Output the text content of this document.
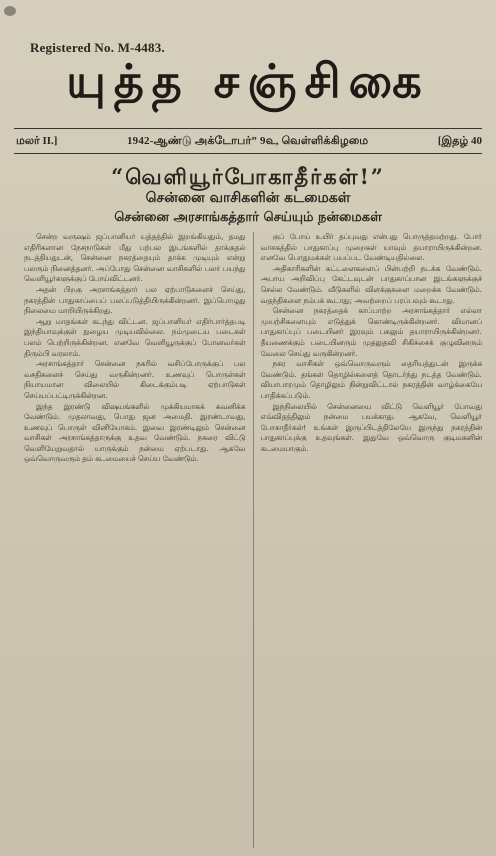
Registered No. M-4483.
யுத்த சஞ்சிகை
மலர் II.]	1942-ஆண்டு அக்டோபர்ˮ 9௳, வெள்ளிக்கிழமை	[இதழ் 40
“வெளியூர்போகாதீர்கள்!”
சென்னை வாசிகளின் கடமைகள்
சென்னை அரசாங்கத்தார் செய்யும் நன்மைகள்

சென்ற வருஷம் ஜப்பானியர் யுத்தத்தில் இறங்கியதும், தமது எதிரிகளான நேசநாடுகள் மீது பற்பல இடங்களில் தாக்குதல் நடத்தியதுடன், சென்னை நகரத்தையும் தாக்க முடியும் என்று பலரும் நினைத்தனர். அப்போது சென்னை வாசிகளில் பலர் பயந்து வெளியூர்களுக்குப் போய்விட்டனர்.

அதன் பிறகு அரசாங்கத்தார் பல ஏற்பாடுகளைச் செய்து, நகரத்தின் பாதுகாப்பைப் பலப்படுத்தியிருக்கின்றனர். இப்பொழுது நிலைமை மாறியிருக்கிறது.

ஆறு மாதங்கள் கடந்து விட்டன. ஜப்பானியர் எதிர்பார்த்தபடி இந்தியாவுக்குள் நுழைய முடியவில்லை. நம்முடைய படைகள் பலம் பெற்றிருக்கின்றன. எனவே வெளியூருக்குப் போனவர்கள் திரும்பி வரலாம்.

அரசாங்கத்தார் சென்னை நகரில் வசிப்போருக்குப் பல வசதிகளைச் செய்து வருகின்றனர். உணவுப் பொருள்கள் நியாயமான விலையில் கிடைக்கும்படி ஏற்பாடுகள் செய்யப்பட்டிருக்கின்றன.

இந்த இரண்டு விஷயங்களில் முக்கியமாகக் கவனிக்க வேண்டும். முதலாவது, பொது ஜன அமைதி. இரண்டாவது, உணவுப் பொருள் வினியோகம். இவை இரண்டிலும் சென்னை வாசிகள் அரசாங்கத்தாருக்கு உதவ வேண்டும். நகரை விட்டு வெளியேறுவதால் யாருக்கும் நன்மை ஏற்படாது. ஆகவே ஒவ்வொருவரும் தம் கடமையைச் செய்ய வேண்டும்.

குப் போய் உயிர் தப்புவது என்பது பொருத்தமற்றது. போர் வாசகத்தில் பாதுகாப்பு முறைகள் யாவும் தயாராயிருக்கின்றன. எனவே பொதுமக்கள் பயப்பட வேண்டியதில்லை.

அதிகாரிகளின் கட்டளைகளைப் பின்பற்றி நடக்க வேண்டும். அபாய அறிவிப்பு கேட்டவுடன் பாதுகாப்பான இடங்களுக்குச் செல்ல வேண்டும். வீடுகளில் விளக்குகளை மறைக்க வேண்டும். வதந்திகளை நம்பக் கூடாது; அவற்றைப் பரப்பவும் கூடாது.

சென்னை நகரத்தைக் காப்பாற்ற அரசாங்கத்தார் எல்லா முயற்சிகளையும் எடுத்துக் கொண்டிருக்கின்றனர். விமானப் பாதுகாப்புப் படையினர் இரவும் பகலும் தயாராயிருக்கின்றனர். தீயணைக்கும் படையினரும் முதலுதவி சிகிச்சைக் குழுவினரும் வேலை செய்து வருகின்றனர்.

நகர வாசிகள் ஒவ்வொருவரும் தைரியத்துடன் இருக்க வேண்டும். தங்கள் தொழில்களைத் தொடர்ந்து நடத்த வேண்டும். வியாபாரமும் தொழிலும் நின்றுவிட்டால் நகரத்தின் வாழ்க்கையே பாதிக்கப்படும்.

இந்நிலையில் சென்னையை விட்டு வெளியூர் போவது எவ்விதத்திலும் நன்மை பயக்காது. ஆகவே, வெளியூர் போகாதீர்கள்! உங்கள் இருப்பிடத்திலேயே இருந்து நகரத்தின் பாதுகாப்புக்கு உதவுங்கள். இதுவே ஒவ்வொரு குடிமகனின் கடமையாகும்.
